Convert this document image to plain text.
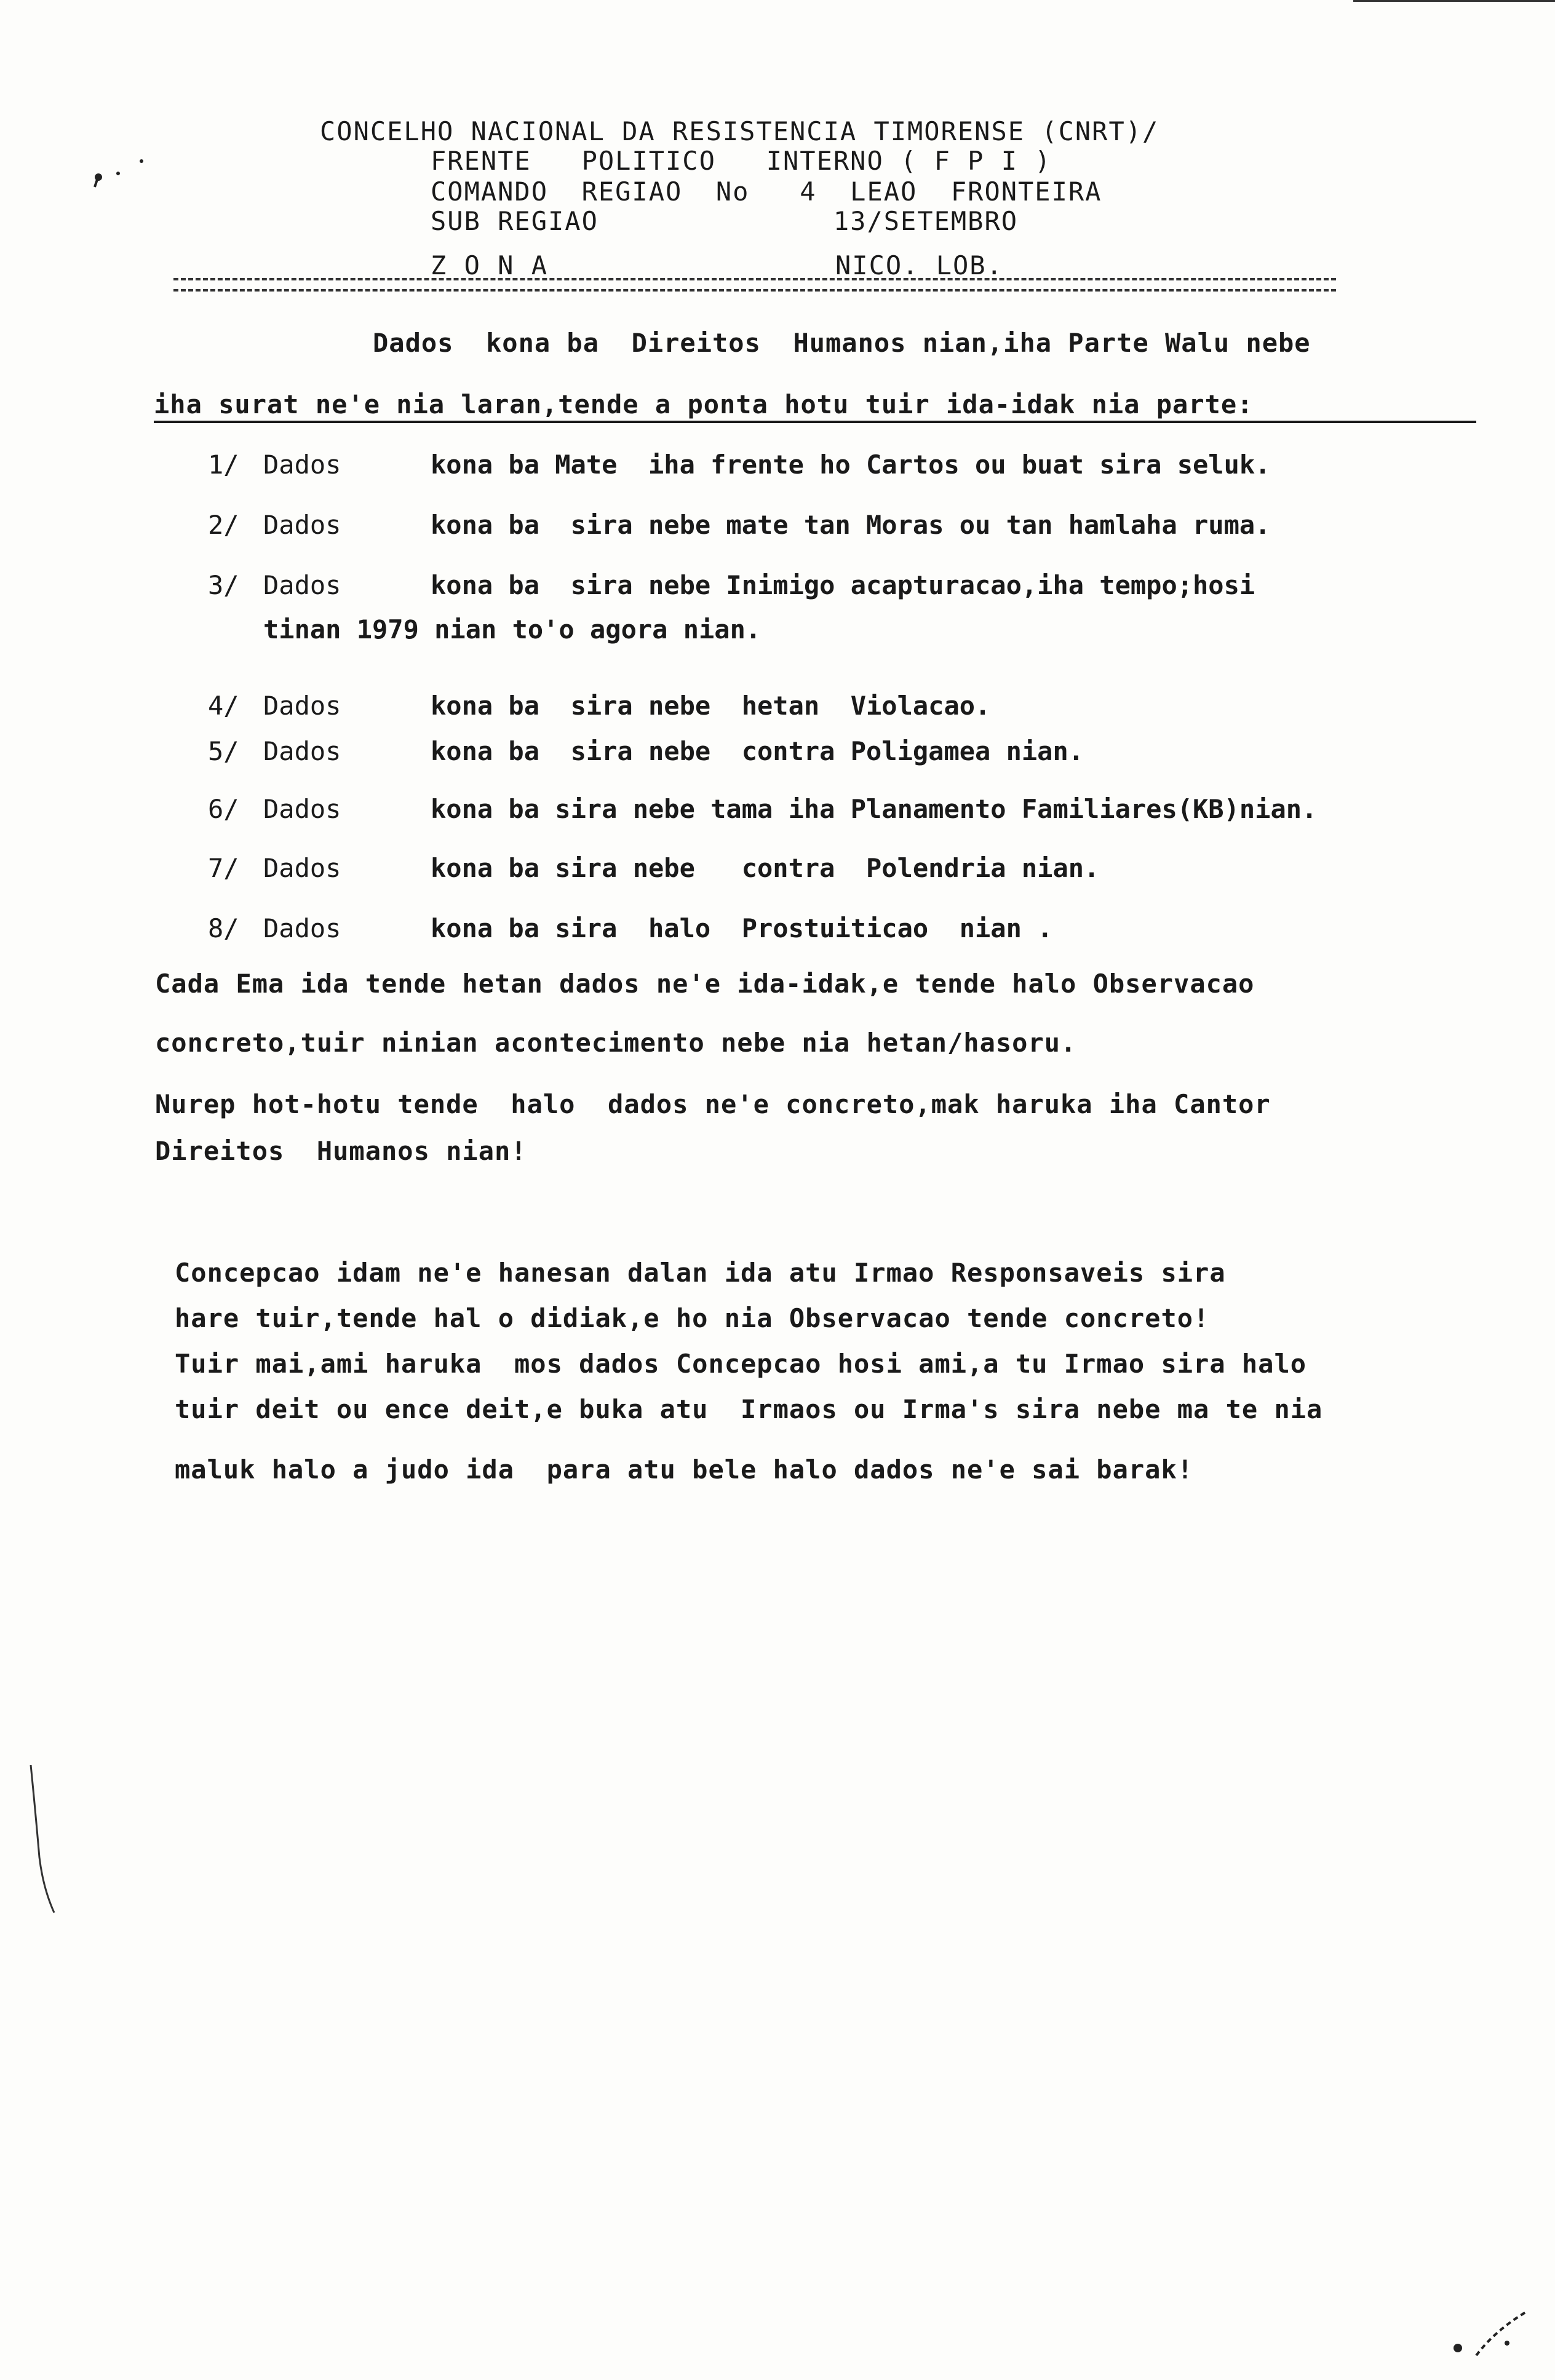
CONCELHO NACIONAL DA RESISTENCIA TIMORENSE (CNRT)/
FRENTE   POLITICO   INTERNO ( F P I )
COMANDO  REGIAO  No   4  LEAO  FRONTEIRA
SUB REGIAO              13/SETEMBRO
Z O N A	NICO. LOB.
Dados  kona ba  Direitos  Humanos nian,iha Parte Walu nebe
iha surat ne'e nia laran,tende a ponta hotu tuir ida-idak nia parte:
1/ Dados	kona ba Mate  iha frente ho Cartos ou buat sira seluk.
2/ Dados	kona ba  sira nebe mate tan Moras ou tan hamlaha ruma.
3/ Dados	kona ba  sira nebe Inimigo acapturacao,iha tempo;hosi
tinan 1979 nian to'o agora nian.
4/ Dados	kona ba  sira nebe  hetan  Violacao.
5/ Dados	kona ba  sira nebe  contra Poligamea nian.
6/ Dados	kona ba sira nebe tama iha Planamento Familiares(KB)nian.
7/ Dados	kona ba sira nebe   contra  Polendria nian.
8/ Dados	kona ba sira  halo  Prostuiticao  nian .
Cada Ema ida tende hetan dados ne'e ida-idak,e tende halo Observacao
concreto,tuir ninian acontecimento nebe nia hetan/hasoru.
Nurep hot-hotu tende  halo  dados ne'e concreto,mak haruka iha Cantor
Direitos  Humanos nian!
Concepcao idam ne'e hanesan dalan ida atu Irmao Responsaveis sira
hare tuir,tende hal o didiak,e ho nia Observacao tende concreto!
Tuir mai,ami haruka  mos dados Concepcao hosi ami,a tu Irmao sira halo
tuir deit ou ence deit,e buka atu  Irmaos ou Irma's sira nebe ma te nia
maluk halo a judo ida  para atu bele halo dados ne'e sai barak!
